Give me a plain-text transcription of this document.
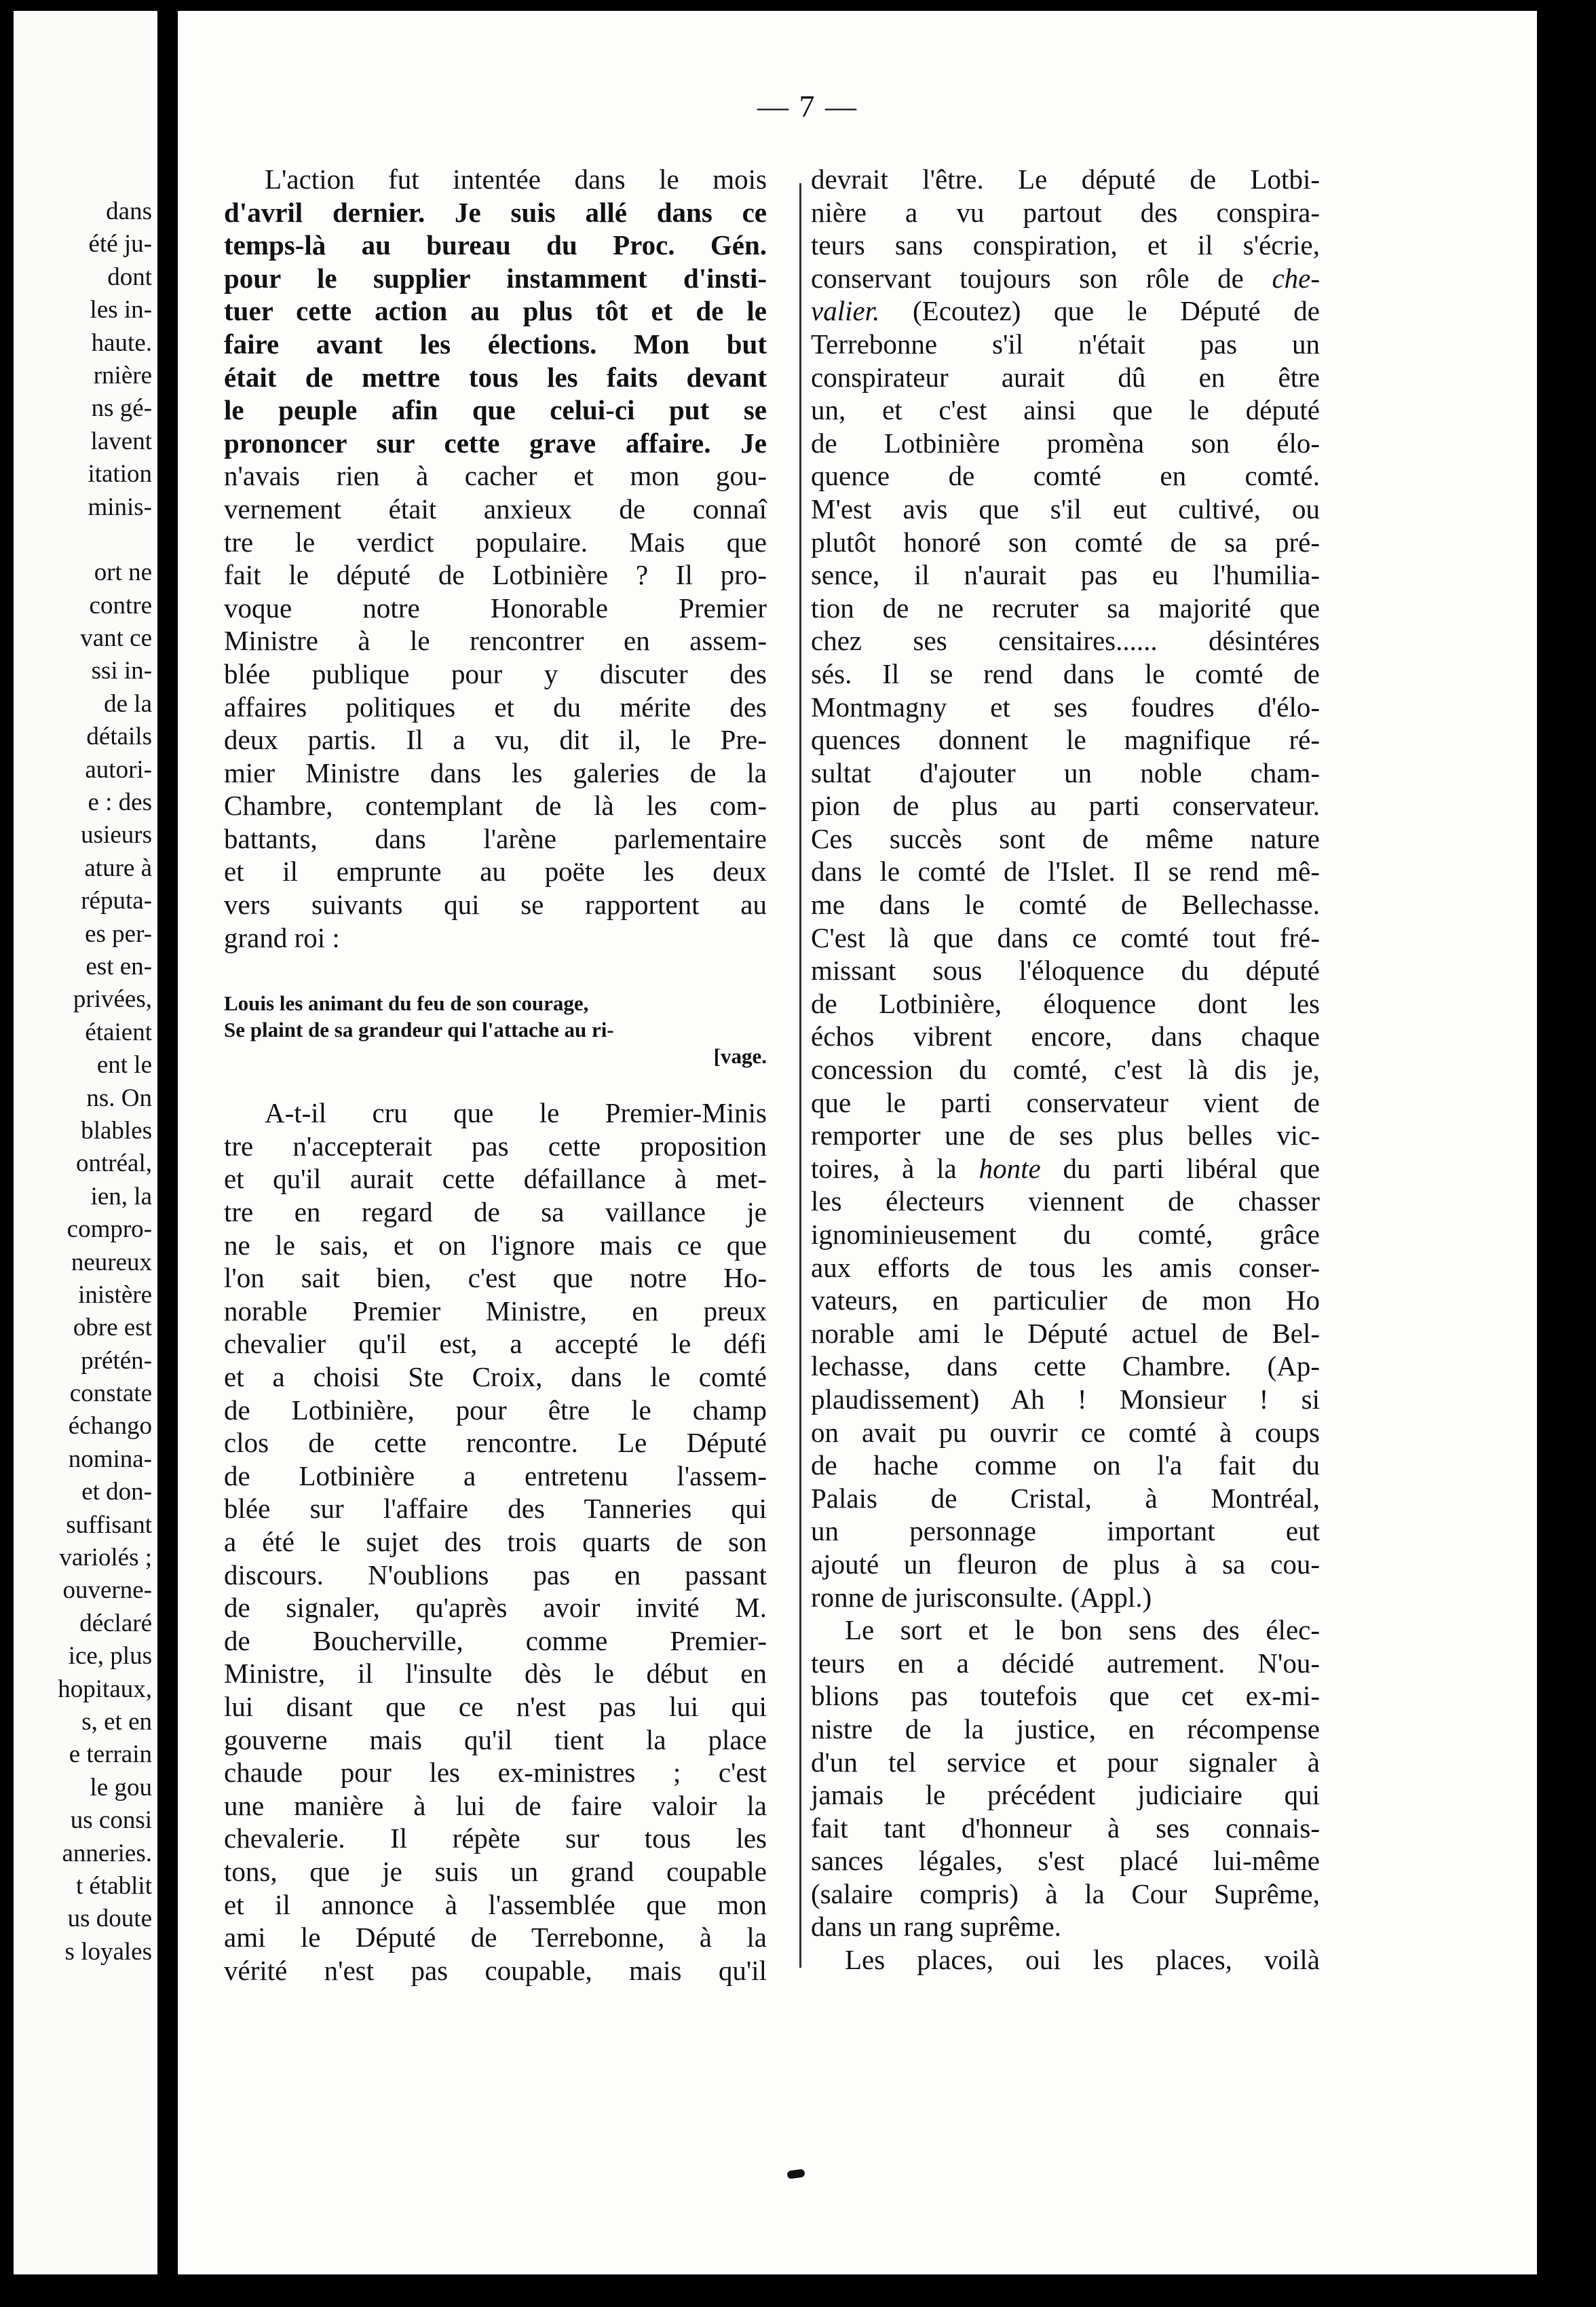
dans
été ju-
dont
les in-
haute.
rnière
ns gé-
lavent
itation
minis-
ort ne
contre
vant ce
ssi in-
de la
détails
autori-
e : des
usieurs
ature à
réputa-
es per-
est en-
privées,
étaient
ent le
ns. On
blables
ontréal,
ien, la
compro-
neureux
inistère
obre est
prétén-
constate
échango
nomina-
et don-
suffisant
variolés ;
ouverne-
déclaré
ice, plus
hopitaux,
s, et en
e terrain
le gou
us consi
anneries.
t établit
us doute
s loyales
— 7 —
L'action fut intentée dans le mois
d'avril dernier. Je suis allé dans ce
temps-là au bureau du Proc. Gén.
pour le supplier instamment d'insti-
tuer cette action au plus tôt et de le
faire avant les élections. Mon but
était de mettre tous les faits devant
le peuple afin que celui-ci put se
prononcer sur cette grave affaire. Je
n'avais rien à cacher et mon gou-
vernement était anxieux de connaî
tre le verdict populaire. Mais que
fait le député de Lotbinière ? Il pro-
voque notre Honorable Premier
Ministre à le rencontrer en assem-
blée publique pour y discuter des
affaires politiques et du mérite des
deux partis. Il a vu, dit il, le Pre-
mier Ministre dans les galeries de la
Chambre, contemplant de là les com-
battants, dans l'arène parlementaire
et il emprunte au poëte les deux
vers suivants qui se rapportent au
grand roi :
Louis les animant du feu de son courage,
Se plaint de sa grandeur qui l'attache au ri-
[vage.
A-t-il cru que le Premier-Minis
tre n'accepterait pas cette proposition
et qu'il aurait cette défaillance à met-
tre en regard de sa vaillance je
ne le sais, et on l'ignore mais ce que
l'on sait bien, c'est que notre Ho-
norable Premier Ministre, en preux
chevalier qu'il est, a accepté le défi
et a choisi Ste Croix, dans le comté
de Lotbinière, pour être le champ
clos de cette rencontre. Le Député
de Lotbinière a entretenu l'assem-
blée sur l'affaire des Tanneries qui
a été le sujet des trois quarts de son
discours. N'oublions pas en passant
de signaler, qu'après avoir invité M.
de Boucherville, comme Premier-
Ministre, il l'insulte dès le début en
lui disant que ce n'est pas lui qui
gouverne mais qu'il tient la place
chaude pour les ex-ministres ; c'est
une manière à lui de faire valoir la
chevalerie. Il répète sur tous les
tons, que je suis un grand coupable
et il annonce à l'assemblée que mon
ami le Député de Terrebonne, à la
vérité n'est pas coupable, mais qu'il
devrait l'être. Le député de Lotbi-
nière a vu partout des conspira-
teurs sans conspiration, et il s'écrie,
conservant toujours son rôle de che-
valier. (Ecoutez) que le Député de
Terrebonne s'il n'était pas un
conspirateur aurait dû en être
un, et c'est ainsi que le député
de Lotbinière promèna son élo-
quence de comté en comté.
M'est avis que s'il eut cultivé, ou
plutôt honoré son comté de sa pré-
sence, il n'aurait pas eu l'humilia-
tion de ne recruter sa majorité que
chez ses censitaires...... désintéres
sés. Il se rend dans le comté de
Montmagny et ses foudres d'élo-
quences donnent le magnifique ré-
sultat d'ajouter un noble cham-
pion de plus au parti conservateur.
Ces succès sont de même nature
dans le comté de l'Islet. Il se rend mê-
me dans le comté de Bellechasse.
C'est là que dans ce comté tout fré-
missant sous l'éloquence du député
de Lotbinière, éloquence dont les
échos vibrent encore, dans chaque
concession du comté, c'est là dis je,
que le parti conservateur vient de
remporter une de ses plus belles vic-
toires, à la honte du parti libéral que
les électeurs viennent de chasser
ignominieusement du comté, grâce
aux efforts de tous les amis conser-
vateurs, en particulier de mon Ho
norable ami le Député actuel de Bel-
lechasse, dans cette Chambre. (Ap-
plaudissement) Ah ! Monsieur ! si
on avait pu ouvrir ce comté à coups
de hache comme on l'a fait du
Palais de Cristal, à Montréal,
un personnage important eut
ajouté un fleuron de plus à sa cou-
ronne de jurisconsulte. (Appl.)
Le sort et le bon sens des élec-
teurs en a décidé autrement. N'ou-
blions pas toutefois que cet ex-mi-
nistre de la justice, en récompense
d'un tel service et pour signaler à
jamais le précédent judiciaire qui
fait tant d'honneur à ses connais-
sances légales, s'est placé lui-même
(salaire compris) à la Cour Suprême,
dans un rang suprême.
Les places, oui les places, voilà
